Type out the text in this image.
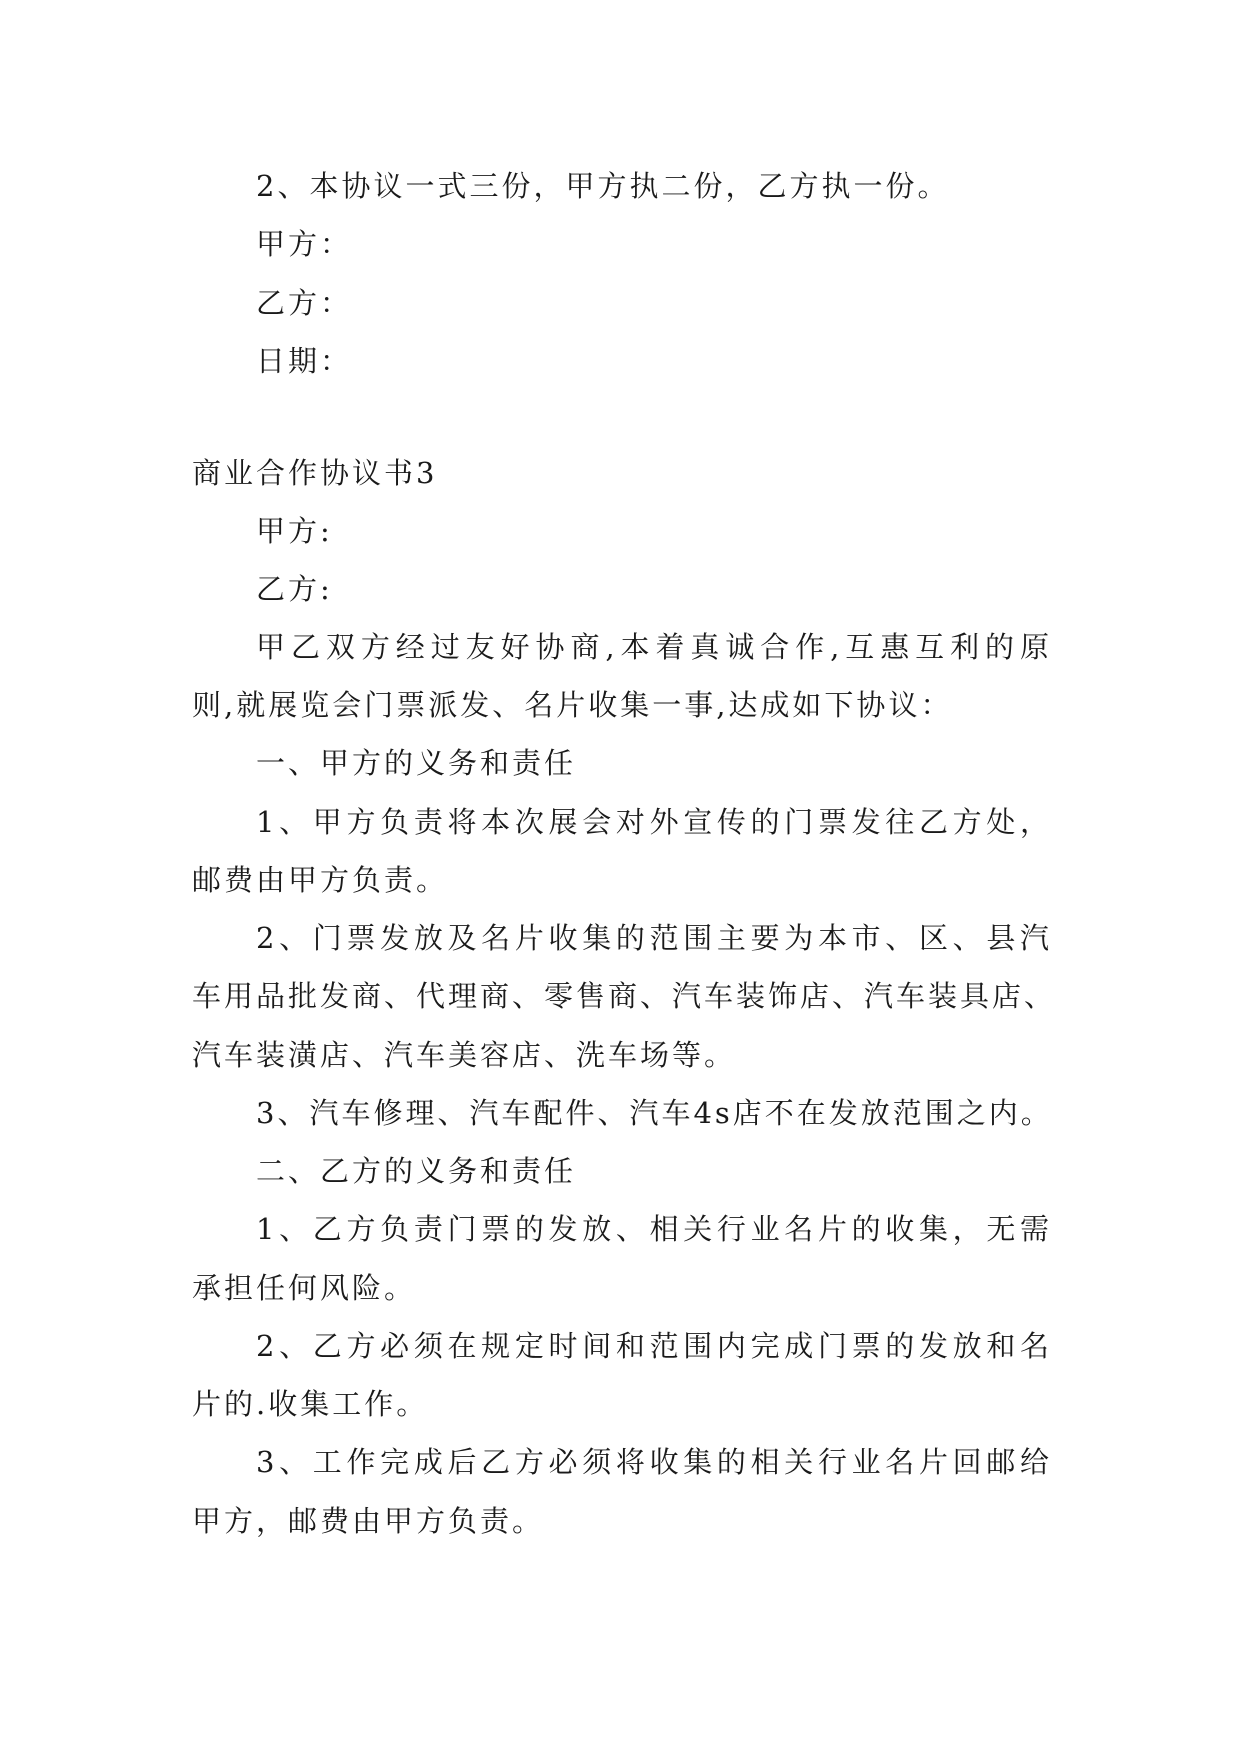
2、本协议一式三份，甲方执二份，乙方执一份。
甲方：
乙方：
日期：
商业合作协议书3
甲方:
乙方:
甲乙双方经过友好协商,本着真诚合作,互惠互利的原
则,就展览会门票派发、名片收集一事,达成如下协议：
一、甲方的义务和责任
1、甲方负责将本次展会对外宣传的门票发往乙方处，
邮费由甲方负责。
2、门票发放及名片收集的范围主要为本市、区、县汽
车用品批发商、代理商、零售商、汽车装饰店、汽车装具店、
汽车装潢店、汽车美容店、洗车场等。
3、汽车修理、汽车配件、汽车4s店不在发放范围之内。
二、乙方的义务和责任
1、乙方负责门票的发放、相关行业名片的收集，无需
承担任何风险。
2、乙方必须在规定时间和范围内完成门票的发放和名
片的.收集工作。
3、工作完成后乙方必须将收集的相关行业名片回邮给
甲方，邮费由甲方负责。
